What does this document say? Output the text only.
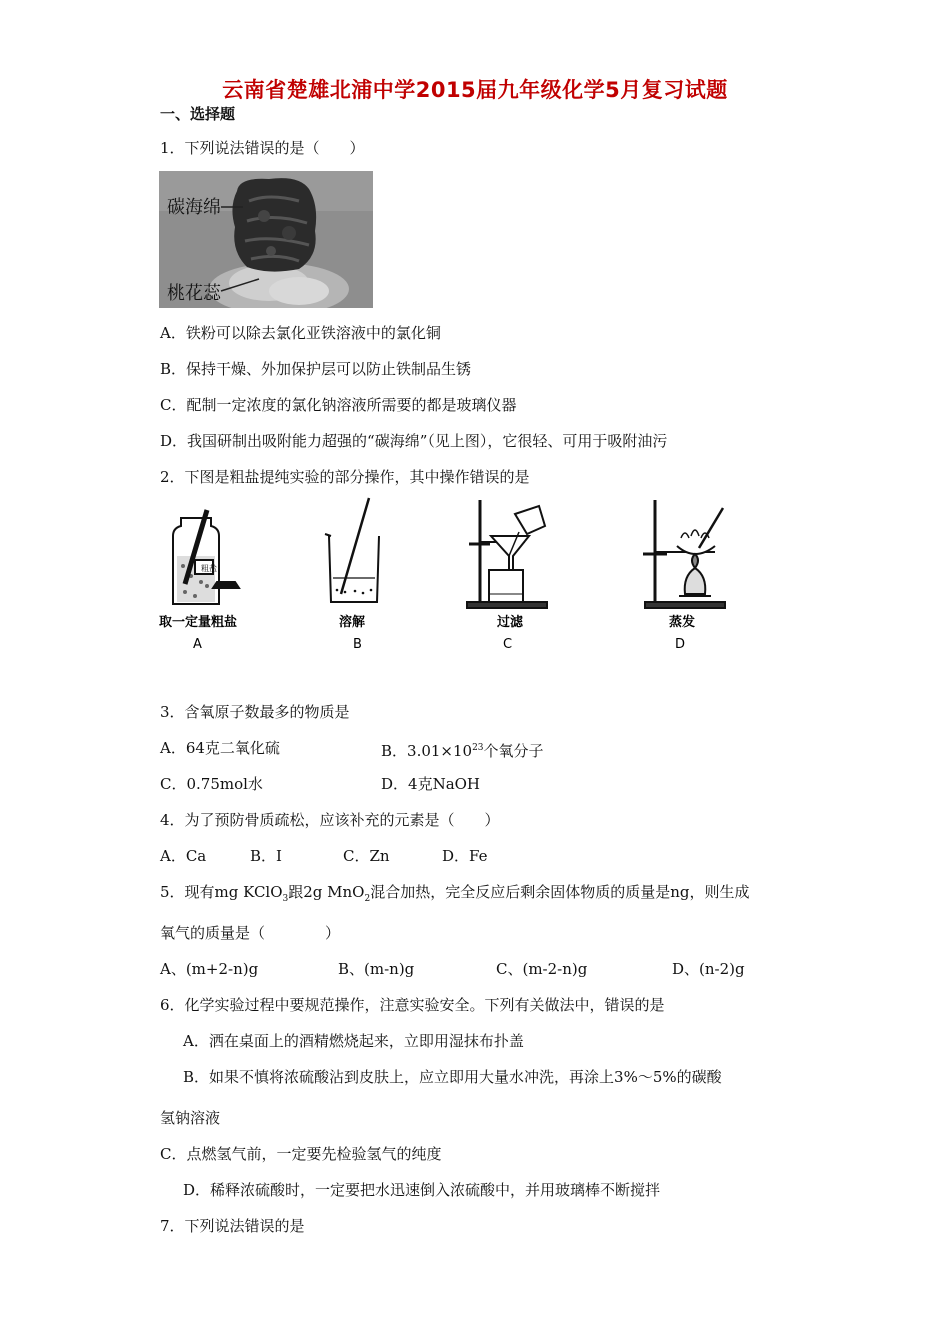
云南省楚雄北浦中学2015届九年级化学5月复习试题
一、选择题
1．下列说法错误的是（　　）
碳海绵
桃花蕊
A．铁粉可以除去氯化亚铁溶液中的氯化铜
B．保持干燥、外加保护层可以防止铁制品生锈
C．配制一定浓度的氯化钠溶液所需要的都是玻璃仪器
D．我国研制出吸附能力超强的“碳海绵”（见上图），它很轻、可用于吸附油污
2．下图是粗盐提纯实验的部分操作，其中操作错误的是
粗盐
取一定量粗盐	溶解	过滤	蒸发
A	B	C	D
3．含氧原子数最多的物质是
A．64克二氧化硫	B．$3.01\times 10^{23}$个氧分子
C．0.75mol水	D．4克NaOH
4．为了预防骨质疏松，应该补充的元素是（　　）
A．Ca	B．I	C．Zn	D．Fe
5．现有mg KClO$_3$跟2g MnO$_2$混合加热，完全反应后剩余固体物质的质量是ng，则生成
氧气的质量是（　　　　）
A、(m+2-n)g	B、(m-n)g	C、(m-2-n)g	D、(n-2)g
6．化学实验过程中要规范操作，注意实验安全。下列有关做法中，错误的是
A．洒在桌面上的酒精燃烧起来，立即用湿抹布扑盖
B．如果不慎将浓硫酸沾到皮肤上，应立即用大量水冲洗，再涂上3%～5%的碳酸
氢钠溶液
C．点燃氢气前，一定要先检验氢气的纯度
D．稀释浓硫酸时，一定要把水迅速倒入浓硫酸中，并用玻璃棒不断搅拌
7．下列说法错误的是
